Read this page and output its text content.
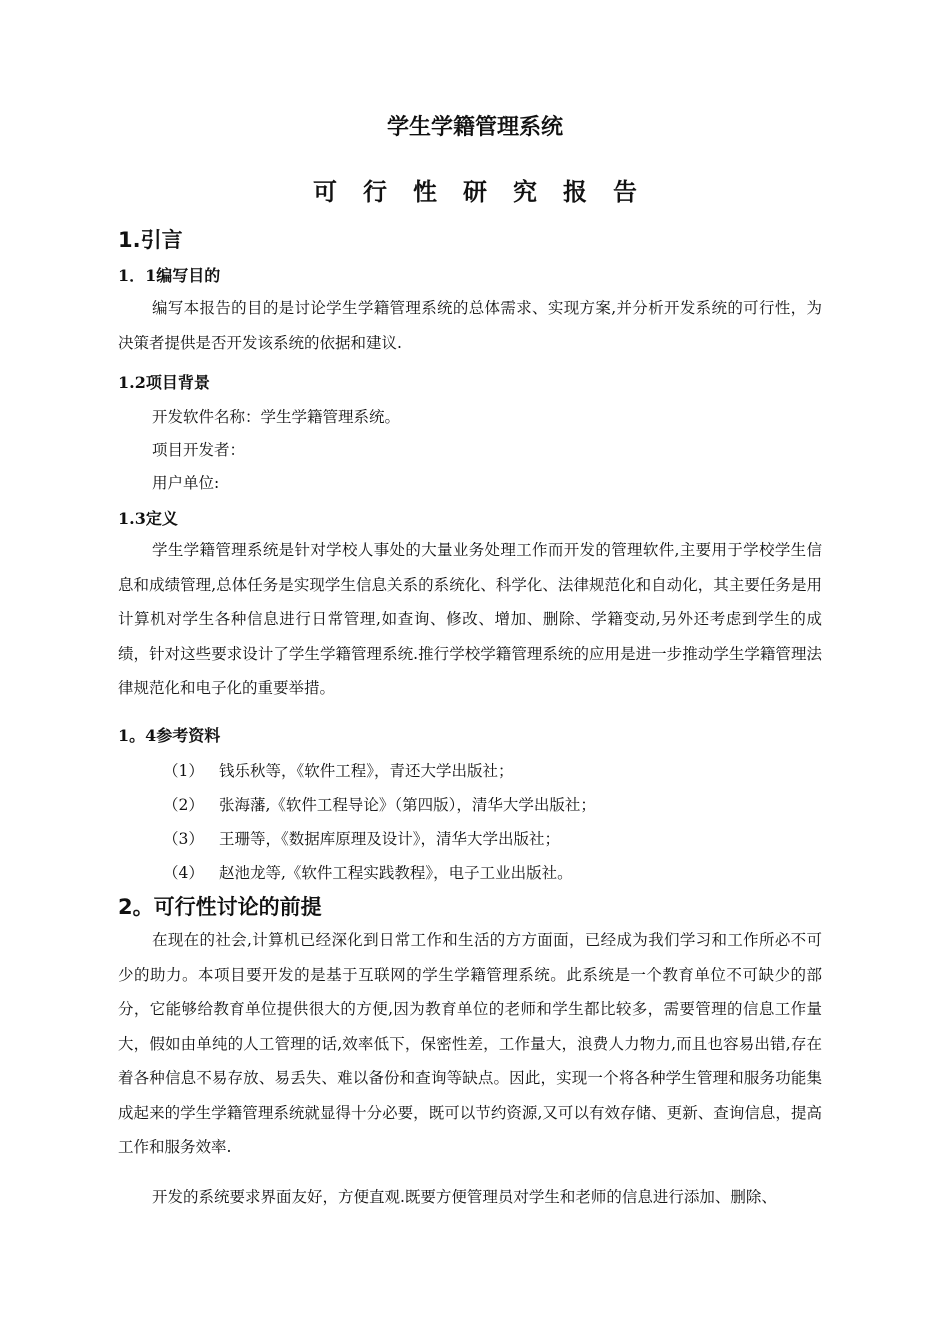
学生学籍管理系统
可行性研究报告
1.引言
1．1编写目的
编写本报告的目的是讨论学生学籍管理系统的总体需求、实现方案,并分析开发系统的可行性，为决策者提供是否开发该系统的依据和建议.
1.2项目背景
开发软件名称：学生学籍管理系统。
项目开发者：
用户单位:
1.3定义
学生学籍管理系统是针对学校人事处的大量业务处理工作而开发的管理软件,主要用于学校学生信息和成绩管理,总体任务是实现学生信息关系的系统化、科学化、法律规范化和自动化，其主要任务是用计算机对学生各种信息进行日常管理,如查询、修改、增加、删除、学籍变动,另外还考虑到学生的成绩，针对这些要求设计了学生学籍管理系统.推行学校学籍管理系统的应用是进一步推动学生学籍管理法律规范化和电子化的重要举措。
1。4参考资料
（1） 钱乐秋等，《软件工程》，青还大学出版社；
（2） 张海藩,《软件工程导论》（第四版），清华大学出版社；
（3） 王珊等，《数据库原理及设计》，清华大学出版社；
（4） 赵池龙等,《软件工程实践教程》，电子工业出版社。
2。可行性讨论的前提
在现在的社会,计算机已经深化到日常工作和生活的方方面面，已经成为我们学习和工作所必不可少的助力。本项目要开发的是基于互联网的学生学籍管理系统。此系统是一个教育单位不可缺少的部分，它能够给教育单位提供很大的方便,因为教育单位的老师和学生都比较多，需要管理的信息工作量大，假如由单纯的人工管理的话,效率低下，保密性差，工作量大，浪费人力物力,而且也容易出错,存在着各种信息不易存放、易丢失、难以备份和查询等缺点。因此，实现一个将各种学生管理和服务功能集成起来的学生学籍管理系统就显得十分必要，既可以节约资源,又可以有效存储、更新、查询信息，提高工作和服务效率.
开发的系统要求界面友好，方便直观.既要方便管理员对学生和老师的信息进行添加、删除、
